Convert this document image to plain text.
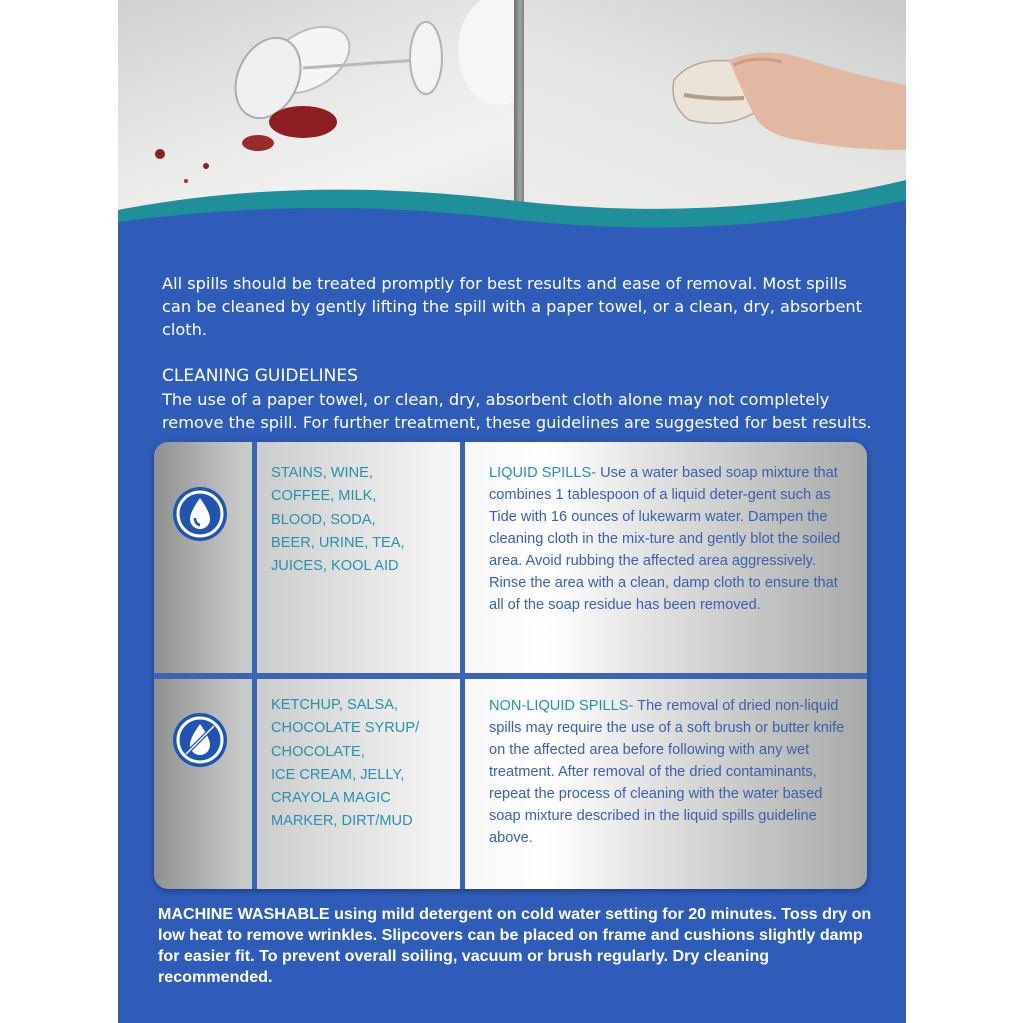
All spills should be treated promptly for best results and ease of removal. Most spills can be cleaned by gently lifting the spill with a paper towel, or a clean, dry, absorbent cloth.
CLEANING GUIDELINES
The use of a paper towel, or clean, dry, absorbent cloth alone may not completely remove the spill. For further treatment, these guidelines are suggested for best results.
STAINS, WINE,
COFFEE, MILK,
BLOOD, SODA,
BEER, URINE, TEA,
JUICES, KOOL AID
LIQUID SPILLS- Use a water based soap mixture that combines 1 tablespoon of a liquid deter-gent such as Tide with 16 ounces of lukewarm water. Dampen the cleaning cloth in the mix-ture and gently blot the soiled area. Avoid rubbing the affected area aggressively. Rinse the area with a clean, damp cloth to ensure that all of the soap residue has been removed.
KETCHUP, SALSA,
CHOCOLATE SYRUP/
CHOCOLATE,
ICE CREAM, JELLY,
CRAYOLA MAGIC
MARKER, DIRT/MUD
NON-LIQUID SPILLS- The removal of dried non-liquid spills may require the use of a soft brush or butter knife on the affected area before following with any wet treatment. After removal of the dried contaminants, repeat the process of cleaning with the water based soap mixture described in the liquid spills guideline above.
MACHINE WASHABLE using mild detergent on cold water setting for 20 minutes. Toss dry on low heat to remove wrinkles. Slipcovers can be placed on frame and cushions slightly damp for easier fit. To prevent overall soiling, vacuum or brush regularly. Dry cleaning recommended.
